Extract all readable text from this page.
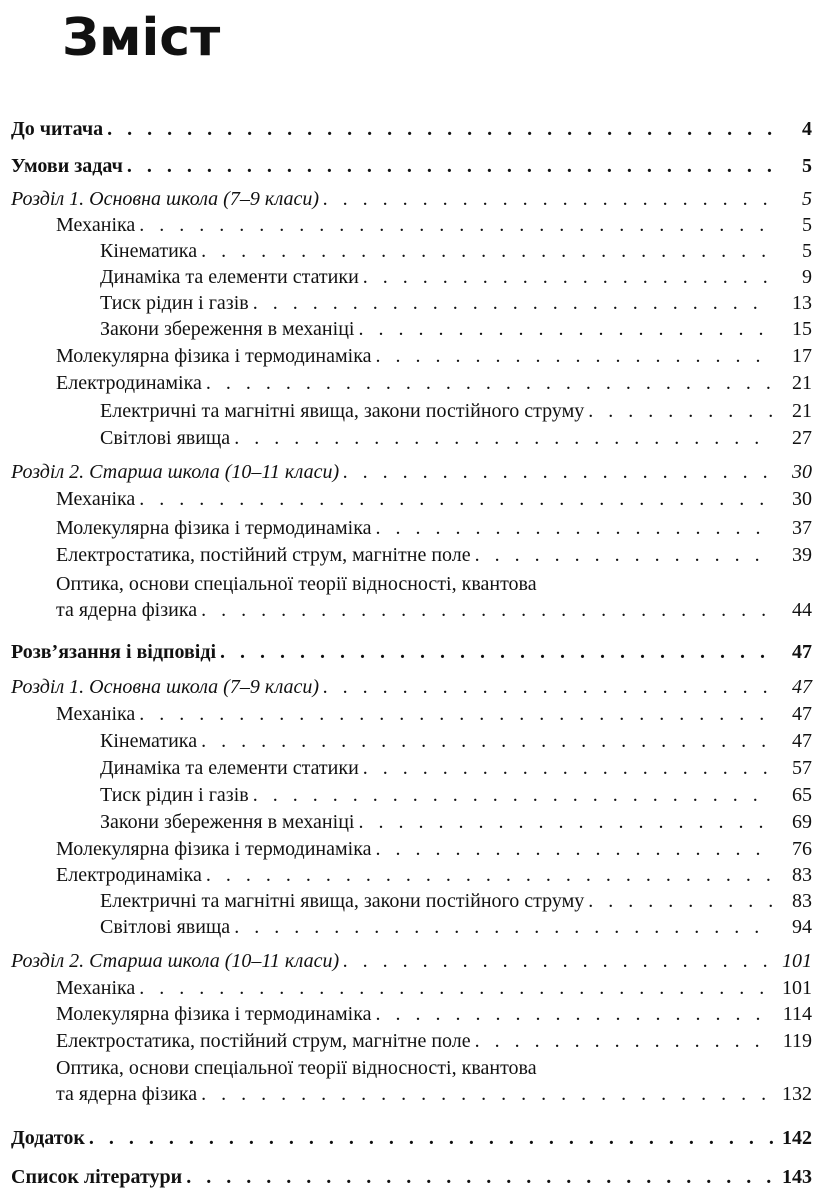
Зміст
До читача . . .	4
Умови задач . . .	5
Розділ 1. Основна школа (7–9 класи) . . .	5
Механіка . . .	5
Кінематика . . .	5
Динаміка та елементи статики . . .	9
Тиск рідин і газів . . .	13
Закони збереження в механіці . . .	15
Молекулярна фізика і термодинаміка . . .	17
Електродинаміка . . .	21
Електричні та магнітні явища, закони постійного струму . . .	21
Світлові явища . . .	27
Розділ 2. Старша школа (10–11 класи) . . .	30
Механіка . . .	30
Молекулярна фізика і термодинаміка . . .	37
Електростатика, постійний струм, магнітне поле . . .	39
Оптика, основи спеціальної теорії відносності, квантова
та ядерна фізика . . .	44
Розв’язання і відповіді . . .	47
Розділ 1. Основна школа (7–9 класи) . . .	47
Механіка . . .	47
Кінематика . . .	47
Динаміка та елементи статики . . .	57
Тиск рідин і газів . . .	65
Закони збереження в механіці . . .	69
Молекулярна фізика і термодинаміка . . .	76
Електродинаміка . . .	83
Електричні та магнітні явища, закони постійного струму . . .	83
Світлові явища . . .	94
Розділ 2. Старша школа (10–11 класи) . . .	101
Механіка . . .	101
Молекулярна фізика і термодинаміка . . .	114
Електростатика, постійний струм, магнітне поле . . .	119
Оптика, основи спеціальної теорії відносності, квантова
та ядерна фізика . . .	132
Додаток . . .	142
Список літератури . . .	143
